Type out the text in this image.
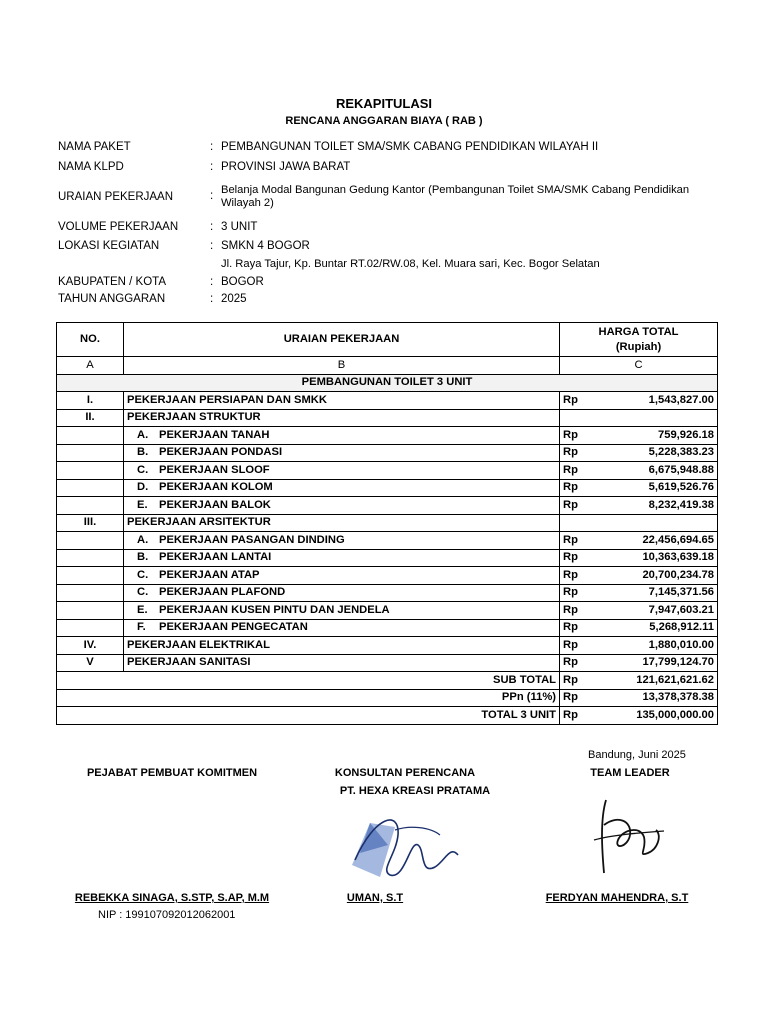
REKAPITULASI
RENCANA ANGGARAN BIAYA ( RAB )
NAMA PAKET	: PEMBANGUNAN TOILET SMA/SMK CABANG PENDIDIKAN WILAYAH II
NAMA KLPD	: PROVINSI JAWA BARAT
URAIAN PEKERJAAN	: Belanja Modal Bangunan Gedung Kantor (Pembangunan Toilet SMA/SMK Cabang Pendidikan
Wilayah 2)
VOLUME PEKERJAAN	: 3 UNIT
LOKASI KEGIATAN	: SMKN 4 BOGOR
Jl. Raya Tajur, Kp. Buntar RT.02/RW.08, Kel. Muara sari, Kec. Bogor Selatan
KABUPATEN / KOTA	: BOGOR
TAHUN ANGGARAN	: 2025
NO.	URAIAN PEKERJAAN	HARGA TOTAL
(Rupiah)	

A	B	C	
PEMBANGUNAN TOILET 3 UNIT			
I.	PEKERJAAN PERSIAPAN DAN SMKK	Rp	1,543,827.00
II.	PEKERJAAN STRUKTUR		
	A. PEKERJAAN TANAH	Rp	759,926.18
	B. PEKERJAAN PONDASI	Rp	5,228,383.23
	C. PEKERJAAN SLOOF	Rp	6,675,948.88
	D. PEKERJAAN KOLOM	Rp	5,619,526.76
	E. PEKERJAAN BALOK	Rp	8,232,419.38
III.	PEKERJAAN ARSITEKTUR		
	A. PEKERJAAN PASANGAN DINDING	Rp	22,456,694.65
	B. PEKERJAAN LANTAI	Rp	10,363,639.18
	C. PEKERJAAN ATAP	Rp	20,700,234.78
	C. PEKERJAAN PLAFOND	Rp	7,145,371.56
	E. PEKERJAAN KUSEN PINTU DAN JENDELA	Rp	7,947,603.21
	F. PEKERJAAN PENGECATAN	Rp	5,268,912.11
IV.	PEKERJAAN ELEKTRIKAL	Rp	1,880,010.00
V	PEKERJAAN SANITASI	Rp	17,799,124.70
SUB TOTAL		Rp	121,621,621.62
PPn (11%)		Rp	13,378,378.38
TOTAL 3 UNIT		Rp	135,000,000.00
Bandung, Juni 2025
PEJABAT PEMBUAT KOMITMEN	KONSULTAN PERENCANA
PT. HEXA KREASI PRATAMA
TEAM LEADER
REBEKKA SINAGA, S.STP, S.AP, M.M
NIP : 199107092012062001
UMAN, S.T	FERDYAN MAHENDRA, S.T
